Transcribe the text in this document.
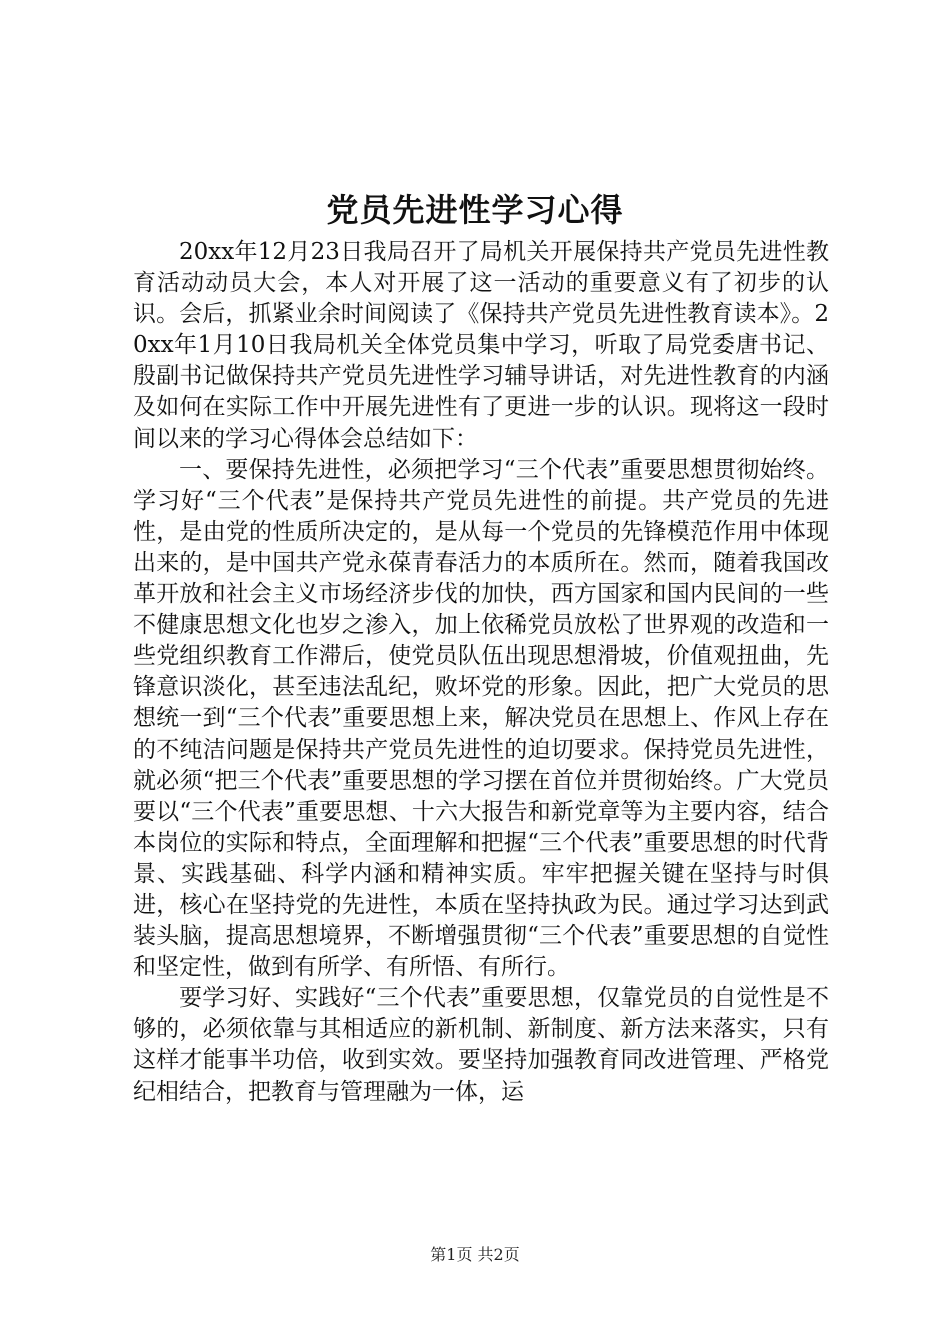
党员先进性学习心得

20xx年12月23日我局召开了局机关开展保持共产党员先进性教育活动动员大会，本人对开展了这一活动的重要意义有了初步的认识。会后，抓紧业余时间阅读了《保持共产党员先进性教育读本》。20xx年1月10日我局机关全体党员集中学习，听取了局党委唐书记、殷副书记做保持共产党员先进性学习辅导讲话，对先进性教育的内涵及如何在实际工作中开展先进性有了更进一步的认识。现将这一段时间以来的学习心得体会总结如下：

一、要保持先进性，必须把学习“三个代表”重要思想贯彻始终。学习好“三个代表”是保持共产党员先进性的前提。共产党员的先进性，是由党的性质所决定的，是从每一个党员的先锋模范作用中体现出来的，是中国共产党永葆青春活力的本质所在。然而，随着我国改革开放和社会主义市场经济步伐的加快，西方国家和国内民间的一些不健康思想文化也岁之渗入，加上依稀党员放松了世界观的改造和一些党组织教育工作滞后，使党员队伍出现思想滑坡，价值观扭曲，先锋意识淡化，甚至违法乱纪，败坏党的形象。因此，把广大党员的思想统一到“三个代表”重要思想上来，解决党员在思想上、作风上存在的不纯洁问题是保持共产党员先进性的迫切要求。保持党员先进性，就必须“把三个代表”重要思想的学习摆在首位并贯彻始终。广大党员要以“三个代表”重要思想、十六大报告和新党章等为主要内容，结合本岗位的实际和特点，全面理解和把握“三个代表”重要思想的时代背景、实践基础、科学内涵和精神实质。牢牢把握关键在坚持与时俱进，核心在坚持党的先进性，本质在坚持执政为民。通过学习达到武装头脑，提高思想境界，不断增强贯彻“三个代表”重要思想的自觉性和坚定性，做到有所学、有所悟、有所行。

要学习好、实践好“三个代表”重要思想，仅靠党员的自觉性是不够的，必须依靠与其相适应的新机制、新制度、新方法来落实，只有这样才能事半功倍，收到实效。要坚持加强教育同改进管理、严格党纪相结合，把教育与管理融为一体，运

第1页 共2页
